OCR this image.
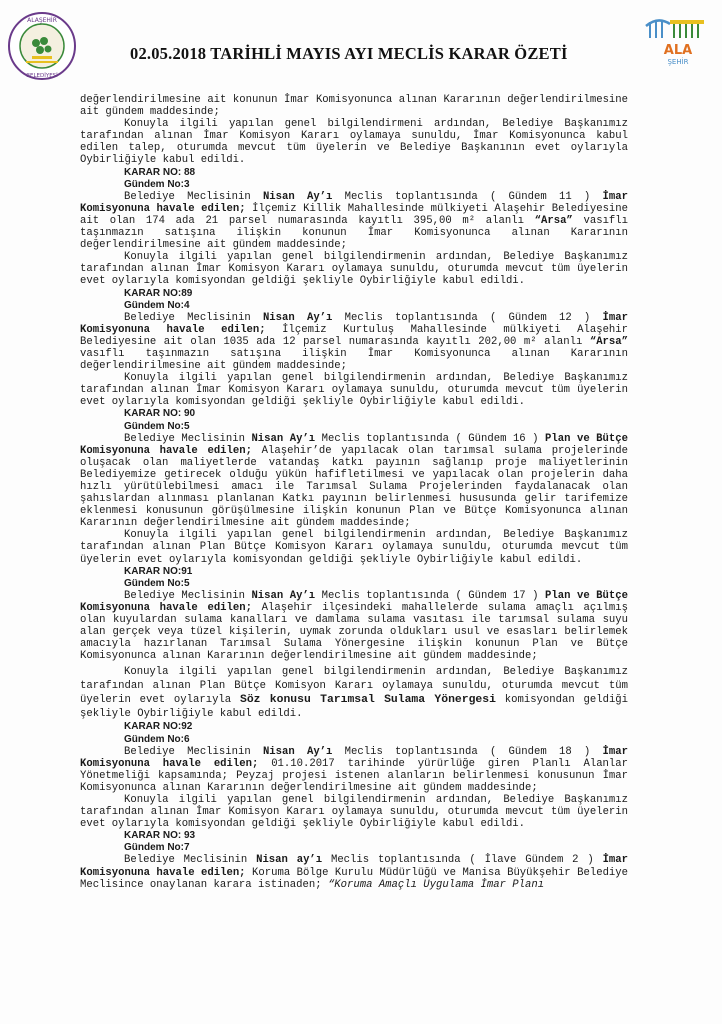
ALAŞEHİR
BELEDİYESİ
ALA
ŞEHİR
02.05.2018 TARİHLİ MAYIS AYI MECLİS KARAR ÖZETİ

değerlendirilmesine ait konunun İmar Komisyonunca alınan Kararının değerlendirilmesine ait gündem maddesinde;

Konuyla ilgili yapılan genel bilgilendirmeni ardından, Belediye Başkanımız tarafından alınan İmar Komisyon Kararı oylamaya sunuldu, İmar Komisyonunca kabul edilen talep, oturumda mevcut tüm üyelerin ve Belediye Başkanının evet oylarıyla Oybirliğiyle kabul edildi.

KARAR NO: 88

Gündem No:3

Belediye Meclisinin Nisan Ay’ı Meclis toplantısında ( Gündem 11 ) İmar Komisyonuna havale edilen; İlçemiz Killik Mahallesinde mülkiyeti Alaşehir Belediyesine ait olan 174 ada 21 parsel numarasında kayıtlı 395,00 m² alanlı “Arsa” vasıflı taşınmazın satışına ilişkin konunun İmar Komisyonunca alınan Kararının değerlendirilmesine ait gündem maddesinde;

Konuyla ilgili yapılan genel bilgilendirmenin ardından, Belediye Başkanımız tarafından alınan İmar Komisyon Kararı oylamaya sunuldu, oturumda mevcut tüm üyelerin evet oylarıyla komisyondan geldiği şekliyle Oybirliğiyle kabul edildi.

KARAR NO:89

Gündem No:4

Belediye Meclisinin Nisan Ay’ı Meclis toplantısında ( Gündem 12 ) İmar Komisyonuna havale edilen; İlçemiz Kurtuluş Mahallesinde mülkiyeti Alaşehir Belediyesine ait olan 1035 ada 12 parsel numarasında kayıtlı 202,00 m² alanlı “Arsa” vasıflı taşınmazın satışına ilişkin İmar Komisyonunca alınan Kararının değerlendirilmesine ait gündem maddesinde;

Konuyla ilgili yapılan genel bilgilendirmenin ardından, Belediye Başkanımız tarafından alınan İmar Komisyon Kararı oylamaya sunuldu, oturumda mevcut tüm üyelerin evet oylarıyla komisyondan geldiği şekliyle Oybirliğiyle kabul edildi.

KARAR NO: 90

Gündem No:5

Belediye Meclisinin Nisan Ay’ı Meclis toplantısında ( Gündem 16 ) Plan ve Bütçe Komisyonuna havale edilen; Alaşehir’de yapılacak olan tarımsal sulama projelerinde oluşacak olan maliyetlerde vatandaş katkı payının sağlanıp proje maliyetlerinin Belediyemize getirecek olduğu yükün hafifletilmesi ve yapılacak olan projelerin daha hızlı yürütülebilmesi amacı ile Tarımsal Sulama Projelerinden faydalanacak olan şahıslardan alınması planlanan Katkı payının belirlenmesi hususunda gelir tarifemize eklenmesi konusunun görüşülmesine ilişkin konunun Plan ve Bütçe Komisyonunca alınan Kararının değerlendirilmesine ait gündem maddesinde;

Konuyla ilgili yapılan genel bilgilendirmenin ardından, Belediye Başkanımız tarafından alınan Plan Bütçe Komisyon Kararı oylamaya sunuldu, oturumda mevcut tüm üyelerin evet oylarıyla komisyondan geldiği şekliyle Oybirliğiyle kabul edildi.

KARAR NO:91

Gündem No:5

Belediye Meclisinin Nisan Ay’ı Meclis toplantısında ( Gündem 17 ) Plan ve Bütçe Komisyonuna havale edilen; Alaşehir ilçesindeki mahallelerde sulama amaçlı açılmış olan kuyulardan sulama kanalları ve damlama sulama vasıtası ile tarımsal sulama suyu alan gerçek veya tüzel kişilerin, uymak zorunda oldukları usul ve esasları belirlemek amacıyla hazırlanan Tarımsal Sulama Yönergesine ilişkin konunun Plan ve Bütçe Komisyonunca alınan Kararının değerlendirilmesine ait gündem maddesinde;

Konuyla ilgili yapılan genel bilgilendirmenin ardından, Belediye Başkanımız tarafından alınan Plan Bütçe Komisyon Kararı oylamaya sunuldu, oturumda mevcut tüm üyelerin evet oylarıyla Söz konusu Tarımsal Sulama Yönergesi komisyondan geldiği şekliyle Oybirliğiyle kabul edildi.

KARAR NO:92

Gündem No:6

Belediye Meclisinin Nisan Ay’ı Meclis toplantısında ( Gündem 18 ) İmar Komisyonuna havale edilen; 01.10.2017 tarihinde yürürlüğe giren Planlı Alanlar Yönetmeliği kapsamında; Peyzaj projesi istenen alanların belirlenmesi konusunun İmar Komisyonunca alınan Kararının değerlendirilmesine ait gündem maddesinde;

Konuyla ilgili yapılan genel bilgilendirmenin ardından, Belediye Başkanımız tarafından alınan İmar Komisyon Kararı oylamaya sunuldu, oturumda mevcut tüm üyelerin evet oylarıyla komisyondan geldiği şekliyle Oybirliğiyle kabul edildi.

KARAR NO: 93

Gündem No:7

Belediye Meclisinin Nisan ay’ı Meclis toplantısında ( İlave Gündem 2 ) İmar Komisyonuna havale edilen; Koruma Bölge Kurulu Müdürlüğü ve Manisa Büyükşehir Belediye Meclisince onaylanan karara istinaden; “Koruma Amaçlı Uygulama İmar Planı
